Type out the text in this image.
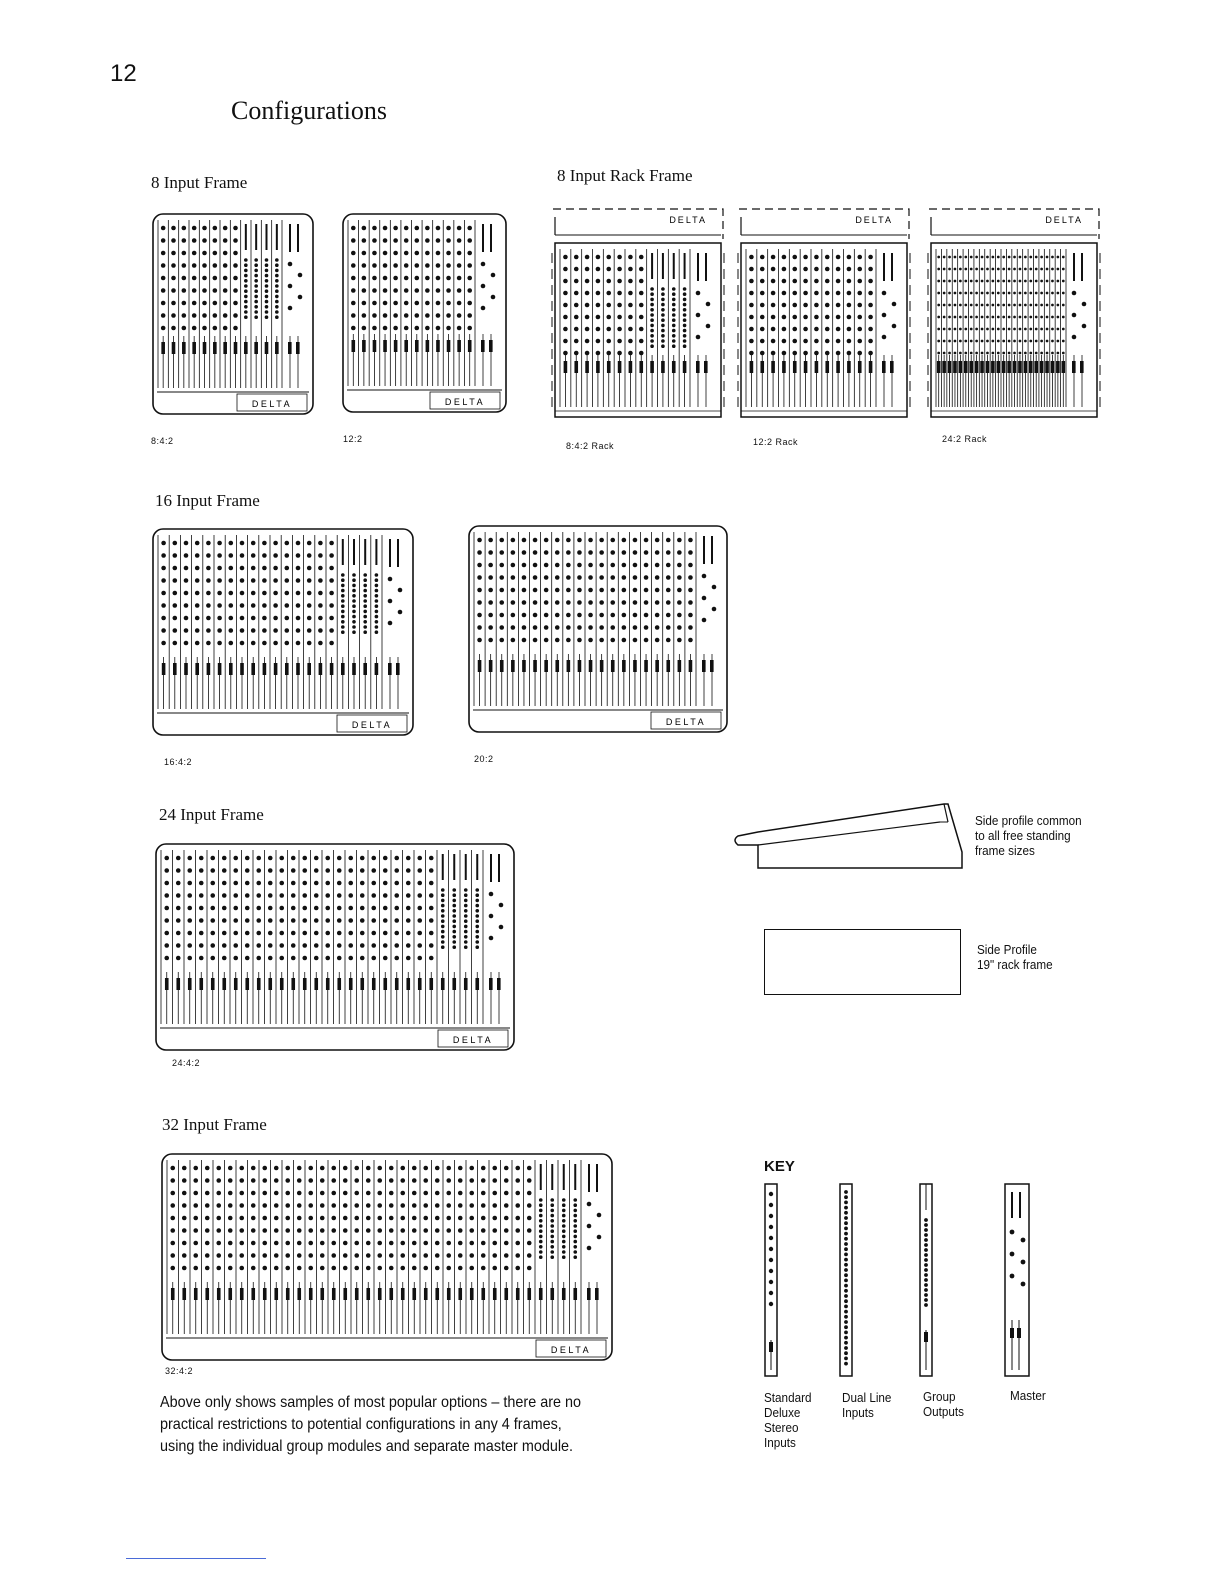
12
Configurations
8 Input Frame	8 Input Rack Frame
16 Input Frame
24 Input Frame
32 Input Frame
DELTA	DELTA
DELTA	DELTA	DELTA
DELTA	DELTA
DELTA
DELTA
8:4:2	12:2
8:4:2 Rack	12:2 Rack	24:2 Rack
16:4:2	20:2
24:4:2
32:4:2
Side profile common
to all free standing
frame sizes
Side Profile
19" rack frame
KEY
Standard
Deluxe
Stereo
Inputs
Dual Line
Inputs
Group
Outputs
Master
Above only shows samples of most popular options – there are no practical restrictions to potential configurations in any 4 frames, using the individual group modules and separate master module.
